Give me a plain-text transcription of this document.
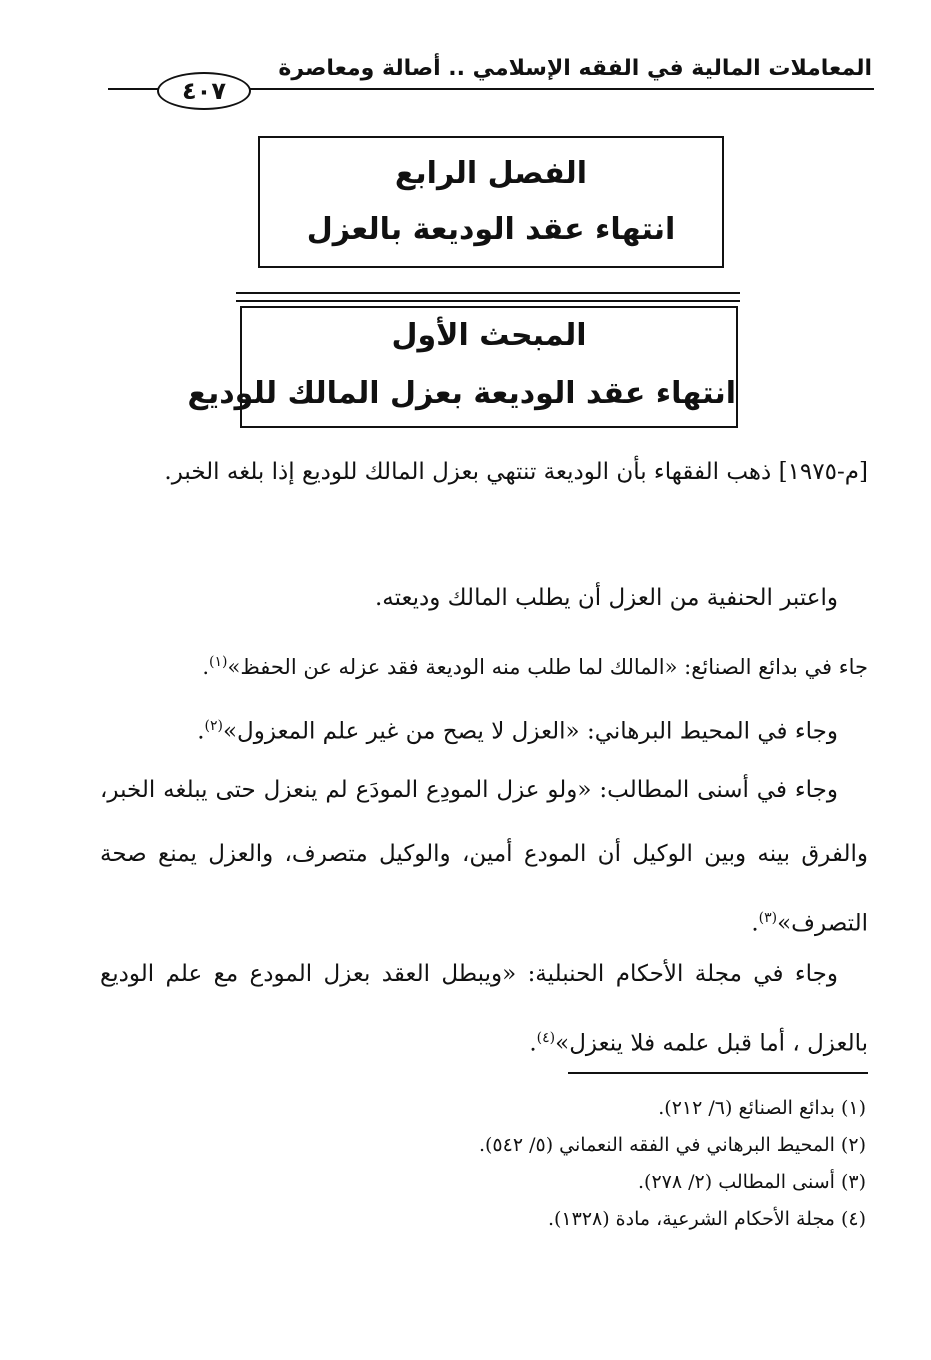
المعاملات المالية في الفقه الإسلامي .. أصالة ومعاصرة
٤٠٧
الفصل الرابع
انتهاء عقد الوديعة بالعزل
المبحث الأول
انتهاء عقد الوديعة بعزل المالك للوديع

[م-١٩٧٥] ذهب الفقهاء بأن الوديعة تنتهي بعزل المالك للوديع إذا بلغه الخبر.

واعتبر الحنفية من العزل أن يطلب المالك وديعته.

جاء في بدائع الصنائع: «المالك لما طلب منه الوديعة فقد عزله عن الحفظ»$^{(١)}$.

وجاء في المحيط البرهاني: «العزل لا يصح من غير علم المعزول»$^{(٢)}$.

وجاء في أسنى المطالب: «ولو عزل المودِع المودَع لم ينعزل حتى يبلغه الخبر، والفرق بينه وبين الوكيل أن المودع أمين، والوكيل متصرف، والعزل يمنع صحة التصرف»$^{(٣)}$.

وجاء في مجلة الأحكام الحنبلية: «ويبطل العقد بعزل المودع مع علم الوديع بالعزل ، أما قبل علمه فلا ينعزل»$^{(٤)}$.

(١) بدائع الصنائع (٦/ ٢١٢).
(٢) المحيط البرهاني في الفقه النعماني (٥/ ٥٤٢).
(٣) أسنى المطالب (٢/ ٢٧٨).
(٤) مجلة الأحكام الشرعية، مادة (١٣٢٨).
